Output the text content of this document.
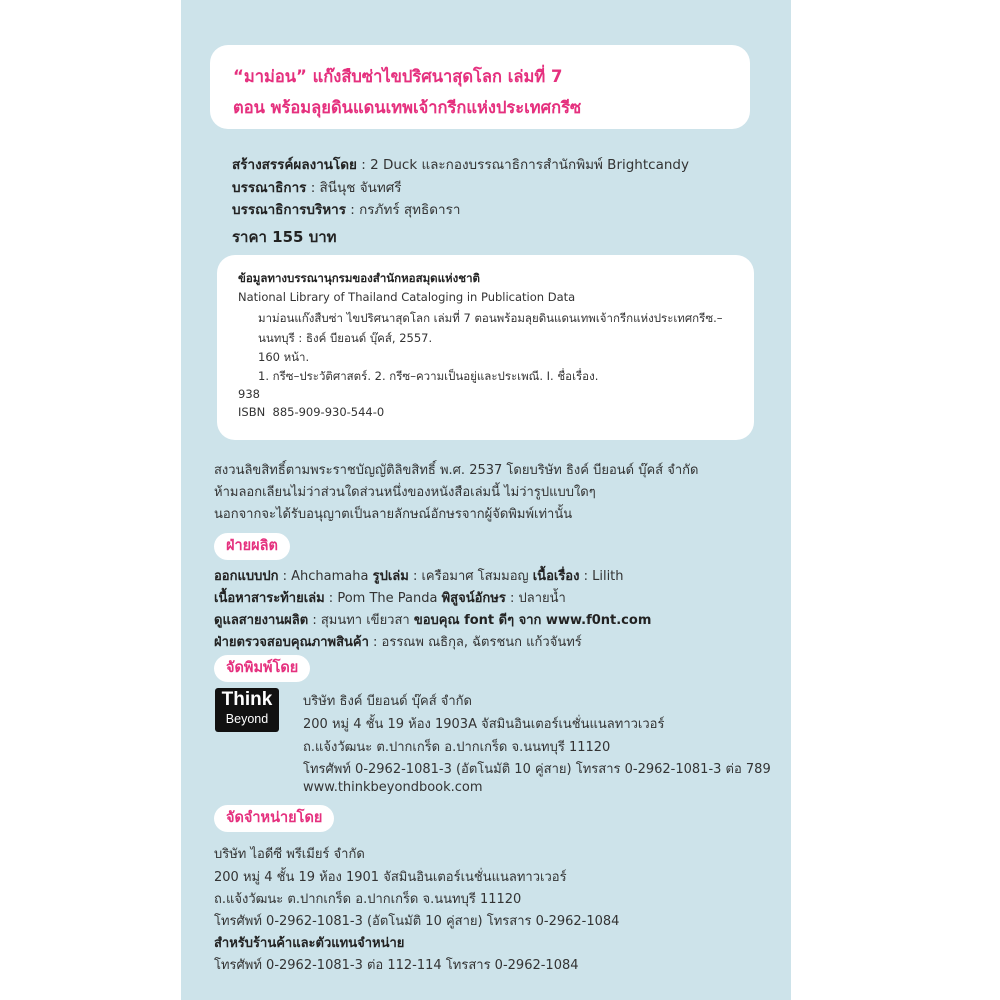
“มาม่อน” แก๊งสืบซ่าไขปริศนาสุดโลก เล่มที่ 7
ตอน พร้อมลุยดินแดนเทพเจ้ากรีกแห่งประเทศกรีซ
สร้างสรรค์ผลงานโดย : 2 Duck และกองบรรณาธิการสำนักพิมพ์ Brightcandy
บรรณาธิการ : สินีนุช จันทศรี
บรรณาธิการบริหาร : กรภัทร์ สุทธิดารา
ราคา 155 บาท
ข้อมูลทางบรรณานุกรมของสำนักหอสมุดแห่งชาติ
National Library of Thailand Cataloging in Publication Data
มาม่อนแก๊งสืบซ่า ไขปริศนาสุดโลก เล่มที่ 7 ตอนพร้อมลุยดินแดนเทพเจ้ากรีกแห่งประเทศกรีซ.–
นนทบุรี : ธิงค์ บียอนด์ บุ๊คส์, 2557.
160 หน้า.
1. กรีซ–ประวัติศาสตร์. 2. กรีซ–ความเป็นอยู่และประเพณี. I. ชื่อเรื่อง.
938
ISBN 885-909-930-544-0
สงวนลิขสิทธิ์ตามพระราชบัญญัติลิขสิทธิ์ พ.ศ. 2537 โดยบริษัท ธิงค์ บียอนด์ บุ๊คส์ จำกัด
ห้ามลอกเลียนไม่ว่าส่วนใดส่วนหนึ่งของหนังสือเล่มนี้ ไม่ว่ารูปแบบใดๆ
นอกจากจะได้รับอนุญาตเป็นลายลักษณ์อักษรจากผู้จัดพิมพ์เท่านั้น
ฝ่ายผลิต
ออกแบบปก : Ahchamaha รูปเล่ม : เครือมาศ โสมมอญ เนื้อเรื่อง : Lilith
เนื้อหาสาระท้ายเล่ม : Pom The Panda พิสูจน์อักษร : ปลายน้ำ
ดูแลสายงานผลิต : สุมนทา เขียวสา ขอบคุณ font ดีๆ จาก www.f0nt.com
ฝ่ายตรวจสอบคุณภาพสินค้า : อรรณพ ณธิกุล, ฉัตรชนก แก้วจันทร์
จัดพิมพ์โดย
Think
Beyond
บริษัท ธิงค์ บียอนด์ บุ๊คส์ จำกัด
200 หมู่ 4 ชั้น 19 ห้อง 1903A จัสมินอินเตอร์เนชั่นแนลทาวเวอร์
ถ.แจ้งวัฒนะ ต.ปากเกร็ด อ.ปากเกร็ด จ.นนทบุรี 11120
โทรศัพท์ 0-2962-1081-3 (อัตโนมัติ 10 คู่สาย) โทรสาร 0-2962-1081-3 ต่อ 789
www.thinkbeyondbook.com
จัดจำหน่ายโดย
บริษัท ไอดีซี พรีเมียร์ จำกัด
200 หมู่ 4 ชั้น 19 ห้อง 1901 จัสมินอินเตอร์เนชั่นแนลทาวเวอร์
ถ.แจ้งวัฒนะ ต.ปากเกร็ด อ.ปากเกร็ด จ.นนทบุรี 11120
โทรศัพท์ 0-2962-1081-3 (อัตโนมัติ 10 คู่สาย) โทรสาร 0-2962-1084
สำหรับร้านค้าและตัวแทนจำหน่าย
โทรศัพท์ 0-2962-1081-3 ต่อ 112-114 โทรสาร 0-2962-1084
